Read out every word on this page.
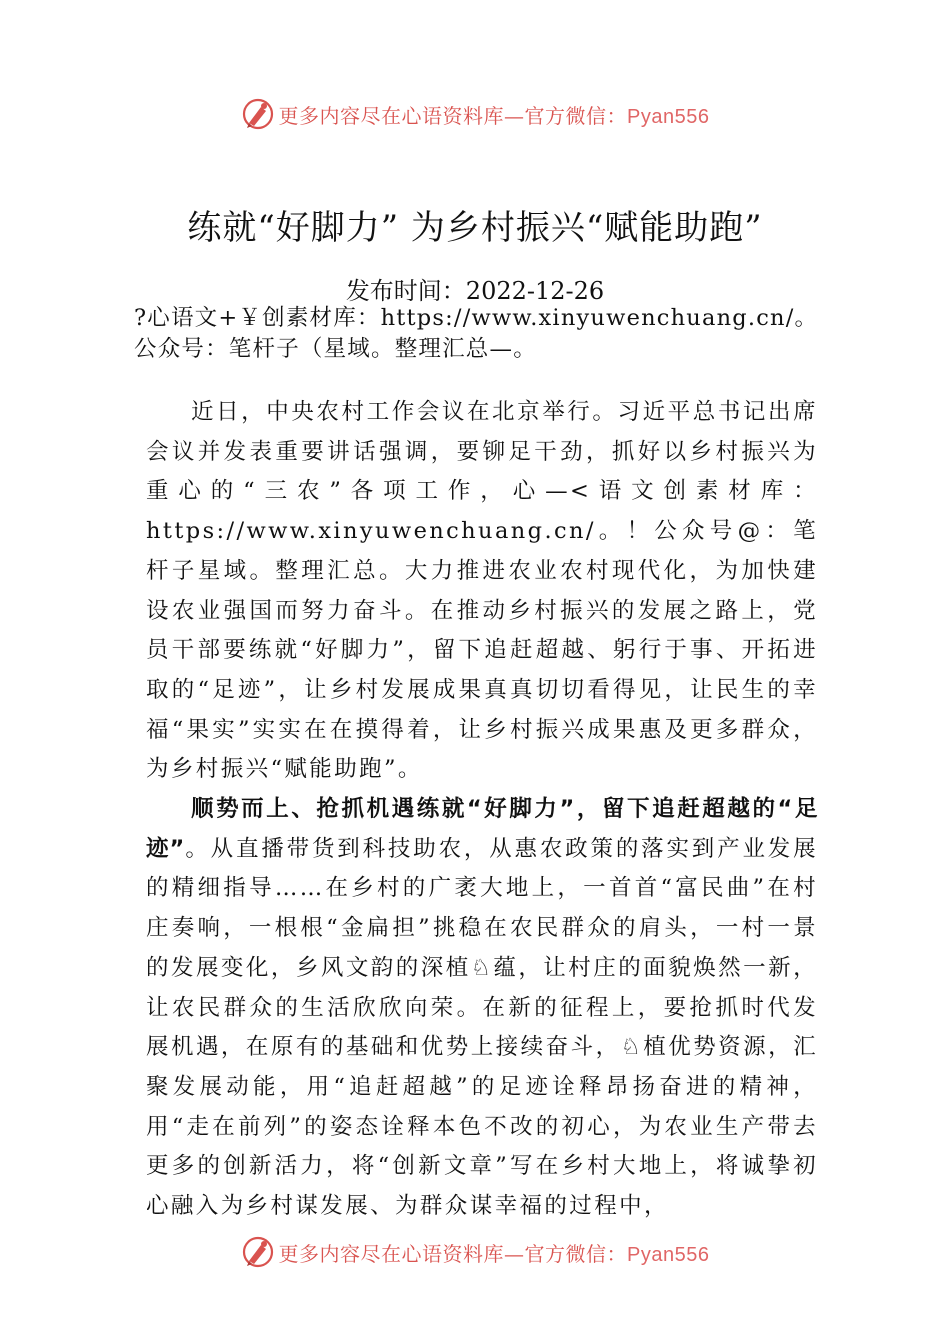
更多内容尽在心语资料库—官方微信：Pyan556
练就“好脚力” 为乡村振兴“赋能助跑”
发布时间：2022-12-26
?心语文+￥创素材库：https://www.xinyuwenchuang.cn/。公众号：笔杆子（星域。整理汇总—。

近日，中央农村工作会议在北京举行。习近平总书记出席会议并发表重要讲话强调，要铆足干劲，抓好以乡村振兴为重心的“三农”各项工作，心—<语文创素材库：https://www.xinyuwenchuang.cn/。！公众号@：笔杆子星域。整理汇总。大力推进农业农村现代化，为加快建设农业强国而努力奋斗。在推动乡村振兴的发展之路上，党员干部要练就“好脚力”，留下追赶超越、躬行于事、开拓进取的“足迹”，让乡村发展成果真真切切看得见，让民生的幸福“果实”实实在在摸得着，让乡村振兴成果惠及更多群众，为乡村振兴“赋能助跑”。

顺势而上、抢抓机遇练就“好脚力”，留下追赶超越的“足迹”。从直播带货到科技助农，从惠农政策的落实到产业发展的精细指导……在乡村的广袤大地上，一首首“富民曲”在村庄奏响，一根根“金扁担”挑稳在农民群众的肩头，一村一景的发展变化，乡风文韵的深植♘蕴，让村庄的面貌焕然一新，让农民群众的生活欣欣向荣。在新的征程上，要抢抓时代发展机遇，在原有的基础和优势上接续奋斗，♘植优势资源，汇聚发展动能，用“追赶超越”的足迹诠释昂扬奋进的精神，用“走在前列”的姿态诠释本色不改的初心，为农业生产带去更多的创新活力，将“创新文章”写在乡村大地上，将诚挚初心融入为乡村谋发展、为群众谋幸福的过程中，

更多内容尽在心语资料库—官方微信：Pyan556
